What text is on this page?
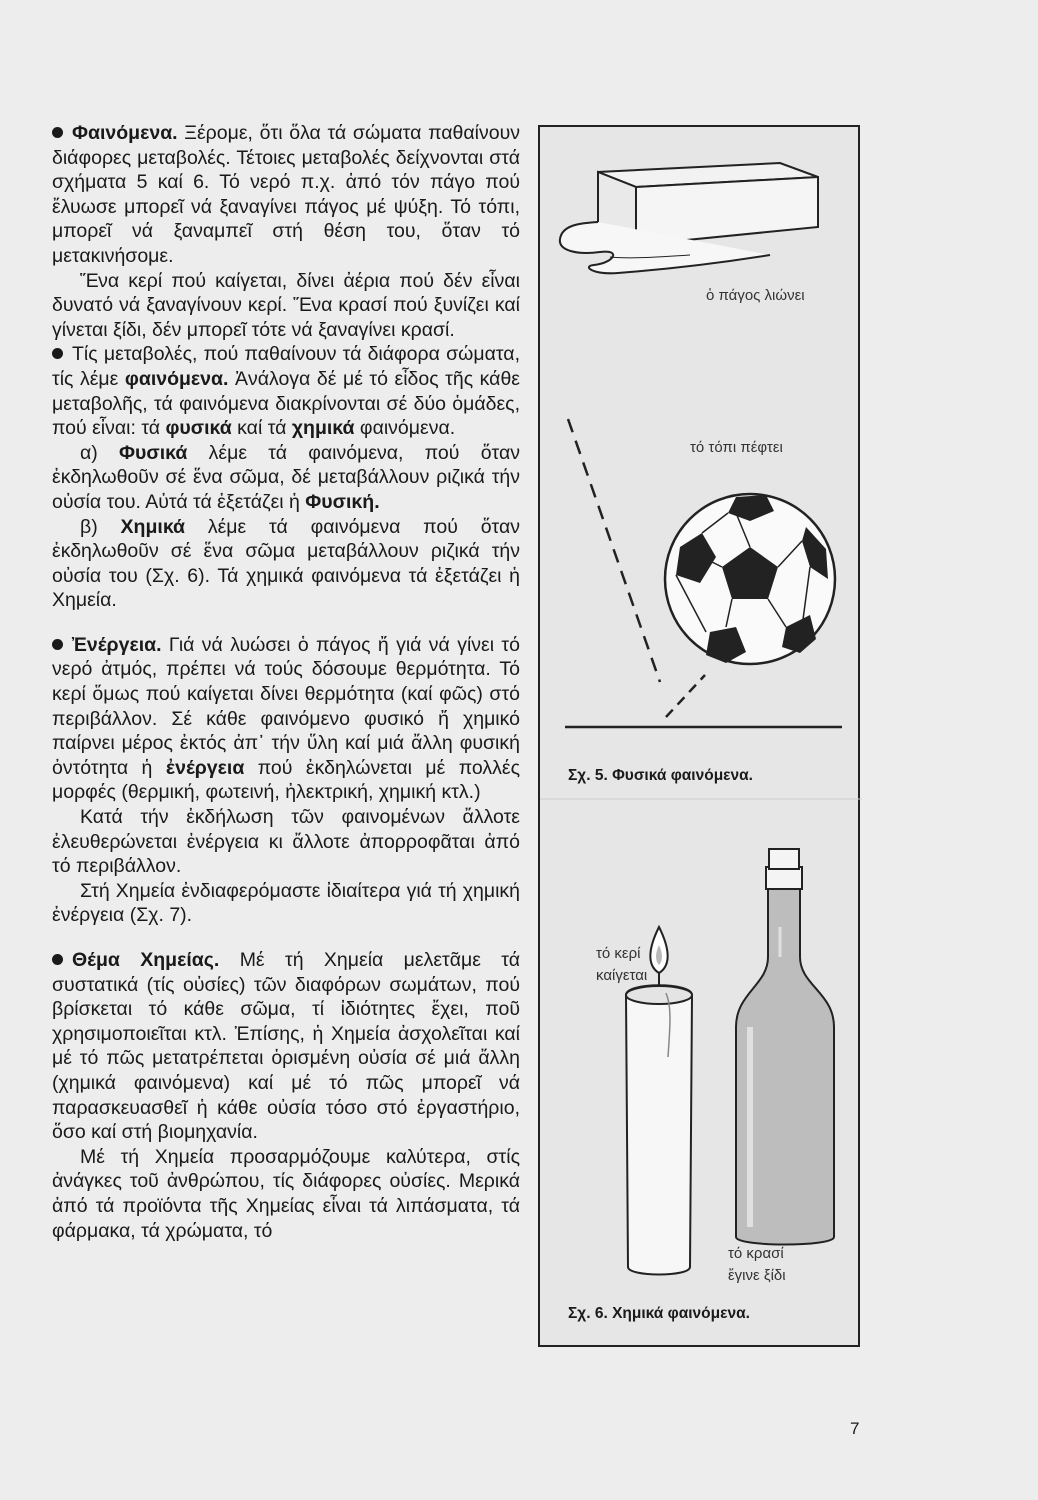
Φαινόμενα. Ξέρομε, ὅτι ὅλα τά σώματα παθαίνουν διάφορες μεταβολές. Τέτοιες μεταβολές δείχνονται στά σχήματα 5 καί 6. Τό νερό π.χ. ἀπό τόν πάγο πού ἔλυωσε μπορεῖ νά ξαναγίνει πάγος μέ ψύξη. Τό τόπι, μπορεῖ νά ξαναμπεῖ στή θέση του, ὅταν τό μετακινήσομε.

Ἕνα κερί πού καίγεται, δίνει ἀέρια πού δέν εἶναι δυνατό νά ξαναγίνουν κερί. Ἕνα κρασί πού ξυνίζει καί γίνεται ξίδι, δέν μπορεῖ τότε νά ξαναγίνει κρασί.

Τίς μεταβολές, πού παθαίνουν τά διάφορα σώματα, τίς λέμε φαινόμενα. Ἀνάλογα δέ μέ τό εἶδος τῆς κάθε μεταβολῆς, τά φαινόμενα διακρίνονται σέ δύο ὁμάδες, πού εἶναι: τά φυσικά καί τά χημικά φαινόμενα.

α) Φυσικά λέμε τά φαινόμενα, πού ὅταν ἐκδηλωθοῦν σέ ἕνα σῶμα, δέ μεταβάλλουν ριζικά τήν οὐσία του. Αὐτά τά ἐξετάζει ἡ Φυσική.

β) Χημικά λέμε τά φαινόμενα πού ὅταν ἐκδηλωθοῦν σέ ἕνα σῶμα μεταβάλλουν ριζικά τήν οὐσία του (Σχ. 6). Τά χημικά φαινόμενα τά ἐξετάζει ἡ Χημεία.

Ἐνέργεια. Γιά νά λυώσει ὁ πάγος ἤ γιά νά γίνει τό νερό ἀτμός, πρέπει νά τούς δόσουμε θερμότητα. Τό κερί ὅμως πού καίγεται δίνει θερμότητα (καί φῶς) στό περιβάλλον. Σέ κάθε φαινόμενο φυσικό ἤ χημικό παίρνει μέρος ἐκτός ἀπ᾽ τήν ὕλη καί μιά ἄλλη φυσική ὀντότητα ἡ ἐνέργεια πού ἐκδηλώνεται μέ πολλές μορφές (θερμική, φωτεινή, ἠλεκτρική, χημική κτλ.)

Κατά τήν ἐκδήλωση τῶν φαινομένων ἄλλοτε ἐλευθερώνεται ἐνέργεια κι ἄλλοτε ἀπορροφᾶται ἀπό τό περιβάλλον.

Στή Χημεία ἐνδιαφερόμαστε ἰδιαίτερα γιά τή χημική ἐνέργεια (Σχ. 7).

Θέμα Χημείας. Μέ τή Χημεία μελετᾶμε τά συστατικά (τίς οὐσίες) τῶν διαφόρων σωμάτων, πού βρίσκεται τό κάθε σῶμα, τί ἰδιότητες ἔχει, ποῦ χρησιμοποιεῖται κτλ. Ἐπίσης, ἡ Χημεία ἀσχολεῖται καί μέ τό πῶς μετατρέπεται ὁρισμένη οὐσία σέ μιά ἄλλη (χημικά φαινόμενα) καί μέ τό πῶς μπορεῖ νά παρασκευασθεῖ ἡ κάθε οὐσία τόσο στό ἐργαστήριο, ὅσο καί στή βιομηχανία.

Μέ τή Χημεία προσαρμόζουμε καλύτερα, στίς ἀνάγκες τοῦ ἀνθρώπου, τίς διάφορες οὐσίες. Μερικά ἀπό τά προϊόντα τῆς Χημείας εἶναι τά λιπάσματα, τά φάρμακα, τά χρώματα, τό

ὁ πάγος λιώνει
τό τόπι πέφτει
Σχ. 5. Φυσικά φαινόμενα.
τό κερί
καίγεται
τό κρασί
ἔγινε ξίδι
Σχ. 6. Χημικά φαινόμενα.
7
